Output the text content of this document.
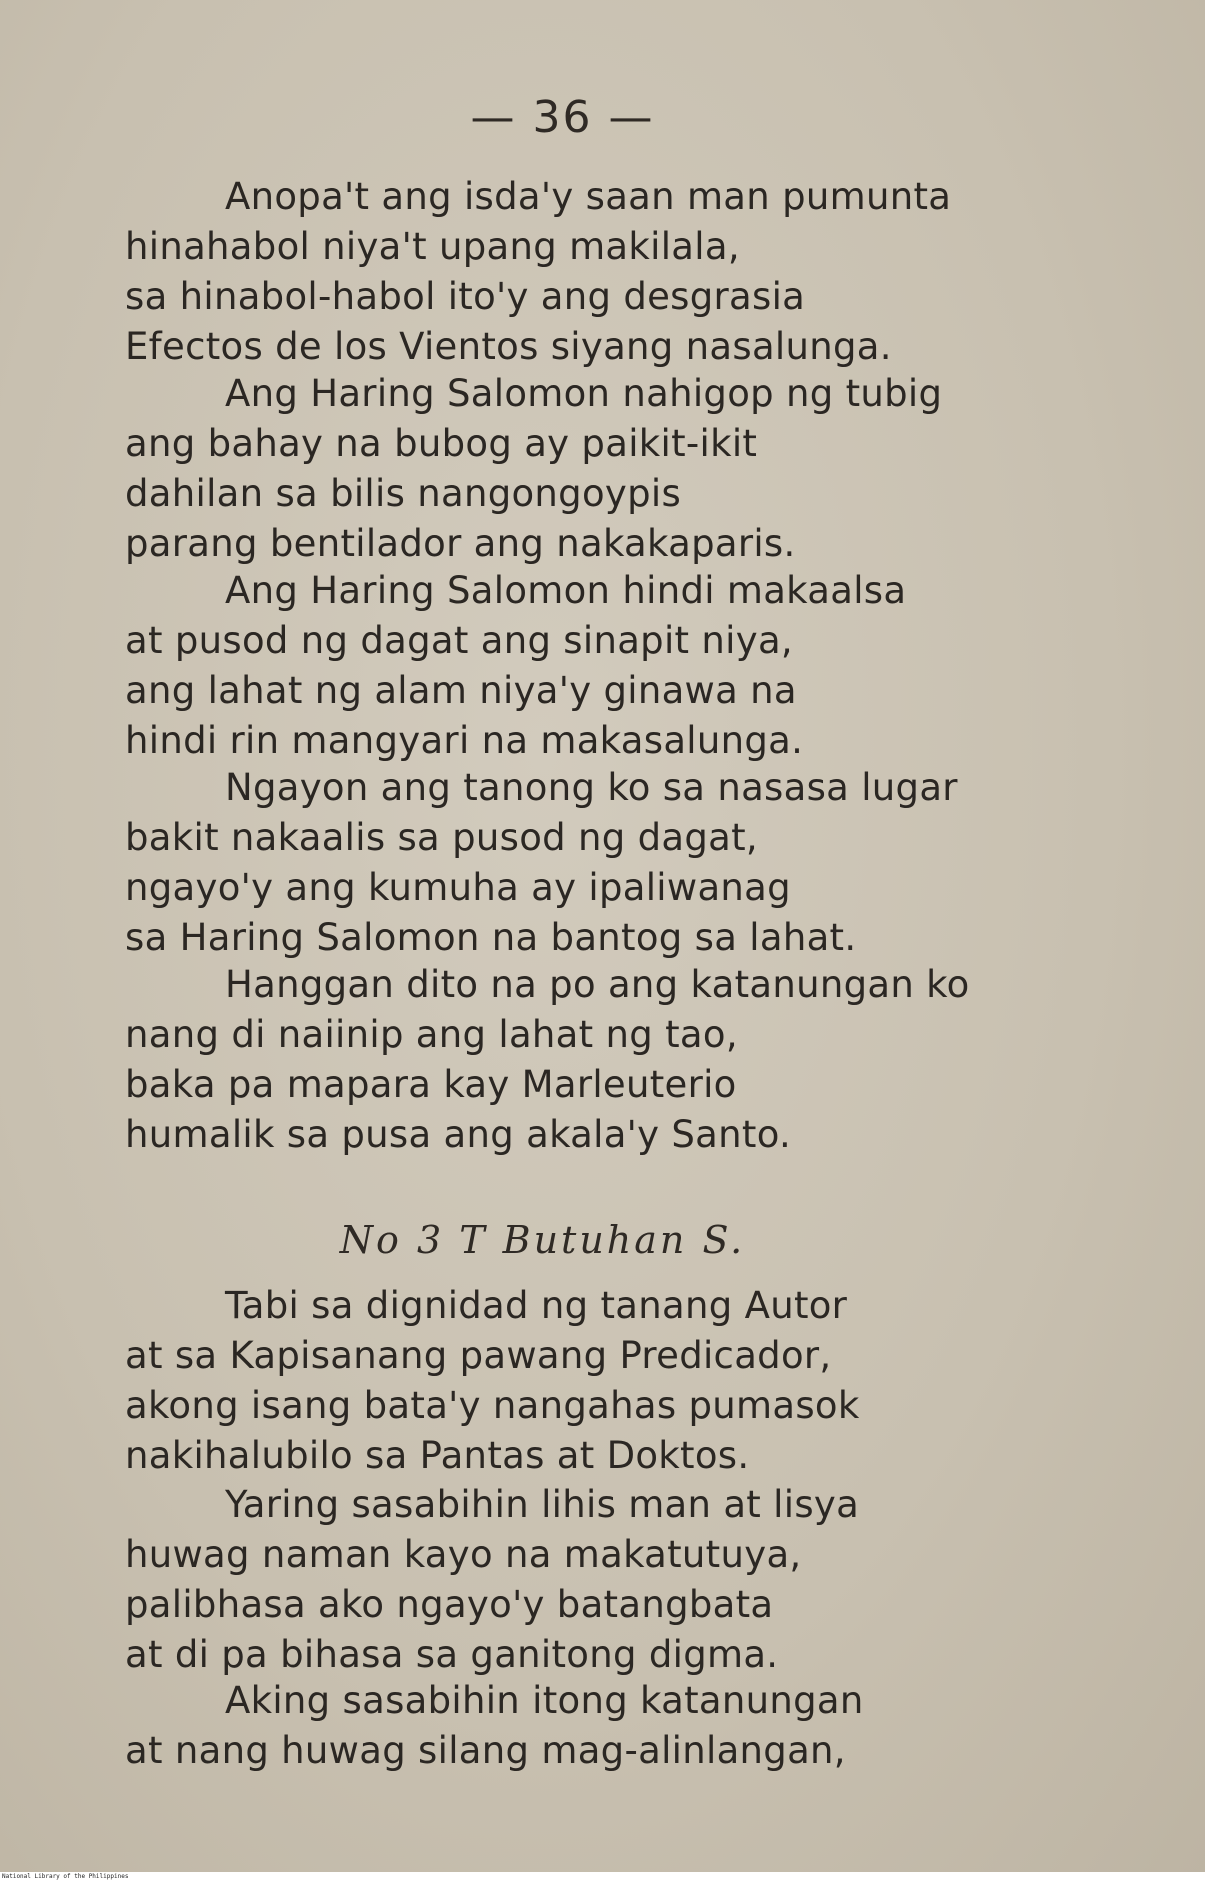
— 36 —
Anopa't ang isda'y saan man pumunta
hinahabol niya't upang makilala,
sa hinabol-habol ito'y ang desgrasia
Efectos de los Vientos siyang nasalunga.
Ang Haring Salomon nahigop ng tubig
ang bahay na bubog ay paikit-ikit
dahilan sa bilis nangongoypis
parang bentilador ang nakakaparis.
Ang Haring Salomon hindi makaalsa
at pusod ng dagat ang sinapit niya,
ang lahat ng alam niya'y ginawa na
hindi rin mangyari na makasalunga.
Ngayon ang tanong ko sa nasasa lugar
bakit nakaalis sa pusod ng dagat,
ngayo'y ang kumuha ay ipaliwanag
sa Haring Salomon na bantog sa lahat.
Hanggan dito na po ang katanungan ko
nang di naiinip ang lahat ng tao,
baka pa mapara kay Marleuterio
humalik sa pusa ang akala'y Santo.
No 3 T Butuhan S.
Tabi sa dignidad ng tanang Autor
at sa Kapisanang pawang Predicador,
akong isang bata'y nangahas pumasok
nakihalubilo sa Pantas at Doktos.
Yaring sasabihin lihis man at lisya
huwag naman kayo na makatutuya,
palibhasa ako ngayo'y batangbata
at di pa bihasa sa ganitong digma.
Aking sasabihin itong katanungan
at nang huwag silang mag-alinlangan,
National Library of the Philippines
